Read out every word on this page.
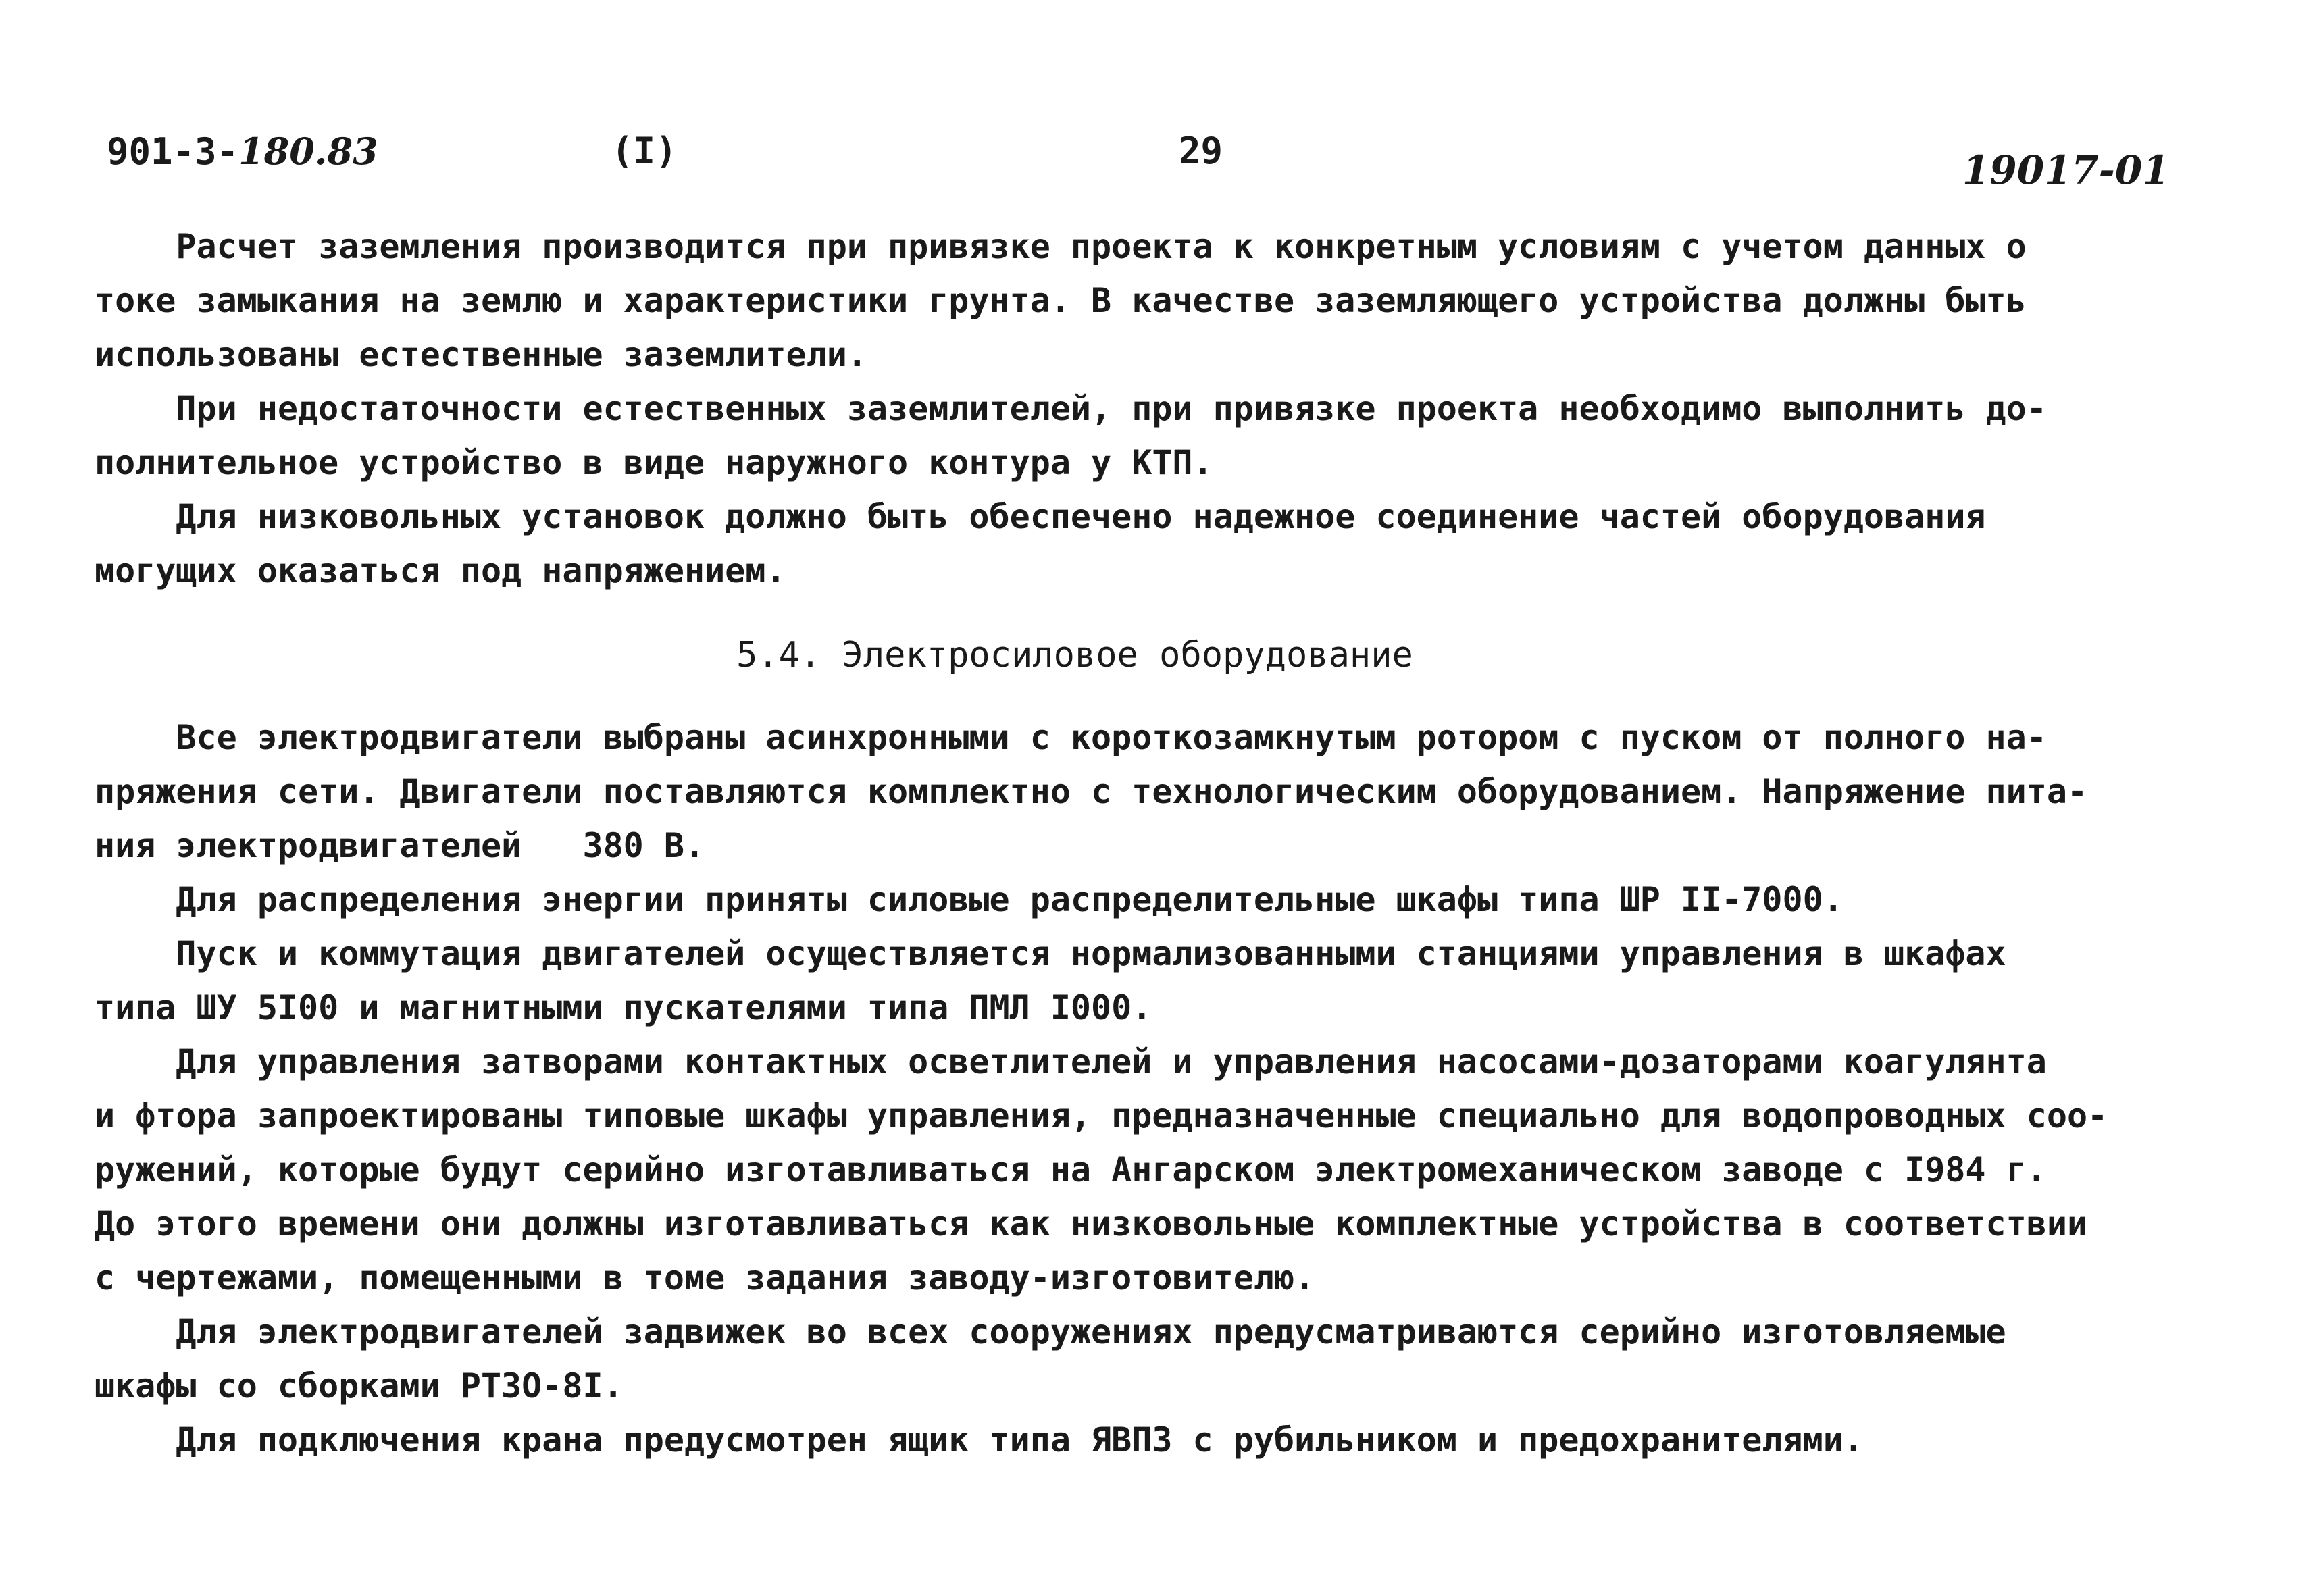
901-3-180.83	(I)	29	19017-01

Расчет заземления производится при привязке проекта к конкретным условиям с учетом данных о
токе замыкания на землю и характеристики грунта. В качестве заземляющего устройства должны быть
использованы естественные заземлители.

При недостаточности естественных заземлителей, при привязке проекта необходимо выполнить до-
полнительное устройство в виде наружного контура у КТП.

Для низковольных установок должно быть обеспечено надежное соединение частей оборудования
могущих оказаться под напряжением.

5.4. Электросиловое оборудование

Все электродвигатели выбраны асинхронными с короткозамкнутым ротором с пуском от полного на-
пряжения сети. Двигатели поставляются комплектно с технологическим оборудованием. Напряжение пита-
ния электродвигателей   380 В.

Для распределения энергии приняты силовые распределительные шкафы типа ШР II-7000.

Пуск и коммутация двигателей осуществляется нормализованными станциями управления в шкафах
типа ШУ 5I00 и магнитными пускателями типа ПМЛ I000.

Для управления затворами контактных осветлителей и управления насосами-дозаторами коагулянта
и фтора запроектированы типовые шкафы управления, предназначенные специально для водопроводных соо-
ружений, которые будут серийно изготавливаться на Ангарском электромеханическом заводе с I984 г.
До этого времени они должны изготавливаться как низковольные комплектные устройства в соответствии
с чертежами, помещенными в томе задания заводу-изготовителю.

Для электродвигателей задвижек во всех сооружениях предусматриваются серийно изготовляемые
шкафы со сборками РТЗО-8I.

Для подключения крана предусмотрен ящик типа ЯВПЗ с рубильником и предохранителями.
